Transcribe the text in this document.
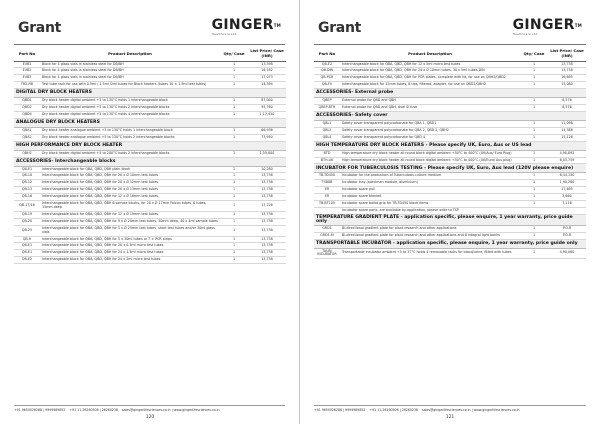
Grant	GINGER™
Healthcare Ltd.
Part No	Product Description	Qty/ Case	List Price/ Case (INR)
EVB1	Block for 4 glass vials in stainless steel for DB/BH	1	13,598
EVB2	Block for 4 glass vials in stainless steel for DB/BH	1	16,182
EVB3	Block for 4 glass vials in stainless steel for DB/BH	1	17,073
TR2-RB	Test tube rack for use with 0.5ml / 1.5ml /2ml tubes for Block heaters (tubes 10 × 1.5ml test tubes)	1	14,394
DIGITAL DRY BLOCK HEATERS			
QBD1	Dry block heater digital ambient +5 to 130°C holds 1 interchangeable block	1	87,000
QBD2	Dry block heater digital ambient +5 to 130°C holds 2 interchangeable blocks	1	95,760
QBD4	Dry block heater digital ambient +5 to 130°C holds 4 interchangeable blocks	1	1,17,410
ANALOGUE DRY BLOCK HEATERS			
QBA1	Dry block heater analogue ambient +5 to 130°C holds 1 interchangeable block	1	66,936
QBA2	Dry block heater analogue ambient +5 to 130°C holds 2 interchangeable blocks	1	73,950
HIGH PERFORMANCE DRY BLOCK HEATER			
QBH2	Dry block heater digital ambient +5 to 200°C holds 2 interchangeable blocks	1	1,55,000
ACCESSORIES- Interchangeable blocks			
QB-E1	Interchangeable block for QBA, QBD, QBH plain block	1	10,280
QB-10	Interchangeable block for QBA, QBD, QBH for 20 x Ø 10mm test tubes	1	13,738
QB-12	Interchangeable block for QBA, QBD, QBH for 20 x Ø 12mm test tubes	1	13,738
QB-13	Interchangeable block for QBA, QBD, QBH for 20 x Ø 13mm test tubes	1	13,738
QB-16	Interchangeable block for QBA, QBD, QBH for 12 x Ø 16mm test tubes	1	13,738
QB-17/16	Interchangeable block for QBA, QBD, QBH 6 sample blocks, for 20 x Ø 17mm Falcon tubes, 6 tubes, 15mm deep	1	17,226
QB-19	Interchangeable block for QBA, QBD, QBH for 12 x Ø 19mm test tubes	1	13,738
QB-20	Interchangeable block for QBA, QBD, QBH for 9 x Ø 20mm test tubes, 30mm deep, 40 x 4ml sample tubes	1	13,738
QB-25	Interchangeable block for QBA, QBD, QBH for 5 x Ø 25mm test tubes, short test tubes and/or 30ml glass vials	1	13,738
QB-H	Interchangeable block for QBA, QBD, QBH for 5 x 30ml tubes or 7 × PCR strips	1	13,738
QB-E1	Interchangeable block for QBA, QBD, QBH for 20 x 0.5ml micro test tubes	1	13,738
QB-E1	Interchangeable block for QBA, QBD, QBH for 24 x 1.5ml micro test tubes	1	13,738
QB-E2	Interchangeable block for QBA, QBD, QBH for 24 x 2ml micro test tubes	1	13,738
+91 9650026288 | 9999989852 +91 11-26260506 | 26260238 sales@gingerlifesciences.co.in | www.gingerlifesciences.co.in
120
Grant	GINGER™
Healthcare Ltd.
Part No	Product Description	Qty/ Case	List Price/ Case (INR)
QB-E2	Interchangeable block for QBA, QBD, QBH for 12 x 5ml micro test tubes	1	13,738
QB-DIN	Interchangeable block for QBA, QBD, QBH for 24 x Ø 10mm tubes, 30 x 5ml tubes DIN	1	13,738
QB-PCR	Interchangeable block for QBA, QBD, QBH for PCR plates, complete with lid, for use on QBH2/QBD2	1	16,695
QB-FV	Interchangeable block for 12mm tubes, 8 tips, filtered, adapter, for use on QBD2/QBH2	1	15,080
ACCESSORIES- External probe			
QBEP	External probe for QBD and QBH	1	8,576
QBEP-BTH	External probe for QBD and QBH, dual Si fuse	1	8,576
ACCESSORIES- Safety cover			
QBL1	Safety cover transparent polycarbonate for QBA 1, QBD1	1	11,098
QBL2	Safety cover transparent polycarbonate for QBA 2, QBD 2, QBH2	1	14,388
QBL4	Safety cover transparent polycarbonate for QBD 4	1	15,126
HIGH TEMPERATURE DRY BLOCK HEATERS - Please specify UK, Euro, Aus or US lead			
BTD	High temperature dry block heater all round block digital ambient +50°C to 400°C (UK/Aus/ Euro Plug)	1	4,90,892
BTH-UK	High temperature dry block heater all round block digital ambient +50°C to 400°C (UK/Euro/ Aus plug)	1	6,03,759
INCUBATOR FOR TUBERCULOSIS TESTING - Please specify UK, Euro, Aus lead (120V please enquire)			
TB-TD450	Incubator for the production of Tuberculosis culture medium	1	6,44,150
TSB8B	Incubator tray (specimen module, aluminium)	1	1,90,280
ER	Incubator spare pull	1	17,695
ER	Incubator spare blanket	1	3,660
TB-BT105	Incubator spare ballot grip for TB-TD450 block items	1	7,116
	Incubator spare parts, are available by application, please write to TSP		
TEMPERATURE GRADIENT PLATE - application specific, please enquire, 1 year warranty, price guide only			
GRD1	Bi-directional gradient plate for plant research and other applications	1	P.O.R
GRD1-M	Bi-directional gradient plate for plant research and other applications and 8 integral light banks	1	P.O.R
TRANSPORTABLE INCUBATOR - application specific, please enquire, 1 year warranty, price guide only			
TAUB/ INCUBATOR	Transportable incubator ambient +5 to 37°C holds 4 removable racks for blood/urine, fitted with tubes	1	4,90,080
+91 9650026288 | 9999989852 +91 11-26260506 | 26260238 sales@gingerlifesciences.co.in | www.gingerlifesciences.co.in
121
